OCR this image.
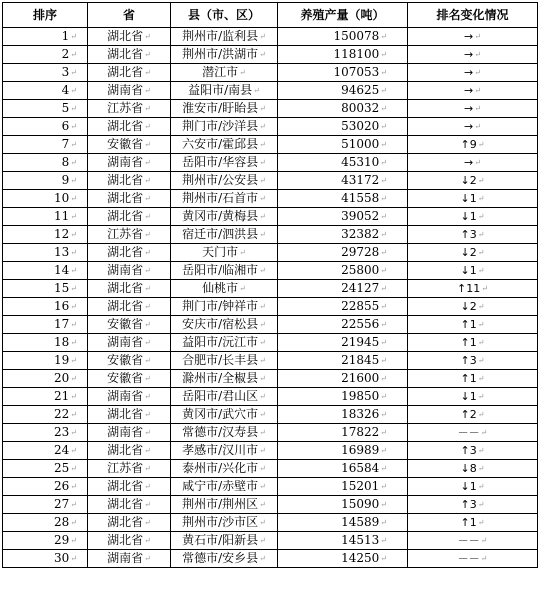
排序	省	县（市、区）	养殖产量（吨）	排名变化情况
1↵	湖北省↵	荆州市/监利县↵	150078↵	→↵
2↵	湖北省↵	荆州市/洪湖市↵	118100↵	→↵
3↵	湖北省↵	潜江市↵	107053↵	→↵
4↵	湖南省↵	益阳市/南县↵	94625↵	→↵
5↵	江苏省↵	淮安市/盱眙县↵	80032↵	→↵
6↵	湖北省↵	荆门市/沙洋县↵	53020↵	→↵
7↵	安徽省↵	六安市/霍邱县↵	51000↵	↑9↵
8↵	湖南省↵	岳阳市/华容县↵	45310↵	→↵
9↵	湖北省↵	荆州市/公安县↵	43172↵	↓2↵
10↵	湖北省↵	荆州市/石首市↵	41558↵	↓1↵
11↵	湖北省↵	黄冈市/黄梅县↵	39052↵	↓1↵
12↵	江苏省↵	宿迁市/泗洪县↵	32382↵	↑3↵
13↵	湖北省↵	天门市↵	29728↵	↓2↵
14↵	湖南省↵	岳阳市/临湘市↵	25800↵	↓1↵
15↵	湖北省↵	仙桃市↵	24127↵	↑11↵
16↵	湖北省↵	荆门市/钟祥市↵	22855↵	↓2↵
17↵	安徽省↵	安庆市/宿松县↵	22556↵	↑1↵
18↵	湖南省↵	益阳市/沅江市↵	21945↵	↑1↵
19↵	安徽省↵	合肥市/长丰县↵	21845↵	↑3↵
20↵	安徽省↵	滁州市/全椒县↵	21600↵	↑1↵
21↵	湖南省↵	岳阳市/君山区↵	19850↵	↓1↵
22↵	湖北省↵	黄冈市/武穴市↵	18326↵	↑2↵
23↵	湖南省↵	常德市/汉寿县↵	17822↵	－－↵
24↵	湖北省↵	孝感市/汉川市↵	16989↵	↑3↵
25↵	江苏省↵	泰州市/兴化市↵	16584↵	↓8↵
26↵	湖北省↵	咸宁市/赤壁市↵	15201↵	↓1↵
27↵	湖北省↵	荆州市/荆州区↵	15090↵	↑3↵
28↵	湖北省↵	荆州市/沙市区↵	14589↵	↑1↵
29↵	湖北省↵	黄石市/阳新县↵	14513↵	－－↵
30↵	湖南省↵	常德市/安乡县↵	14250↵	－－↵
